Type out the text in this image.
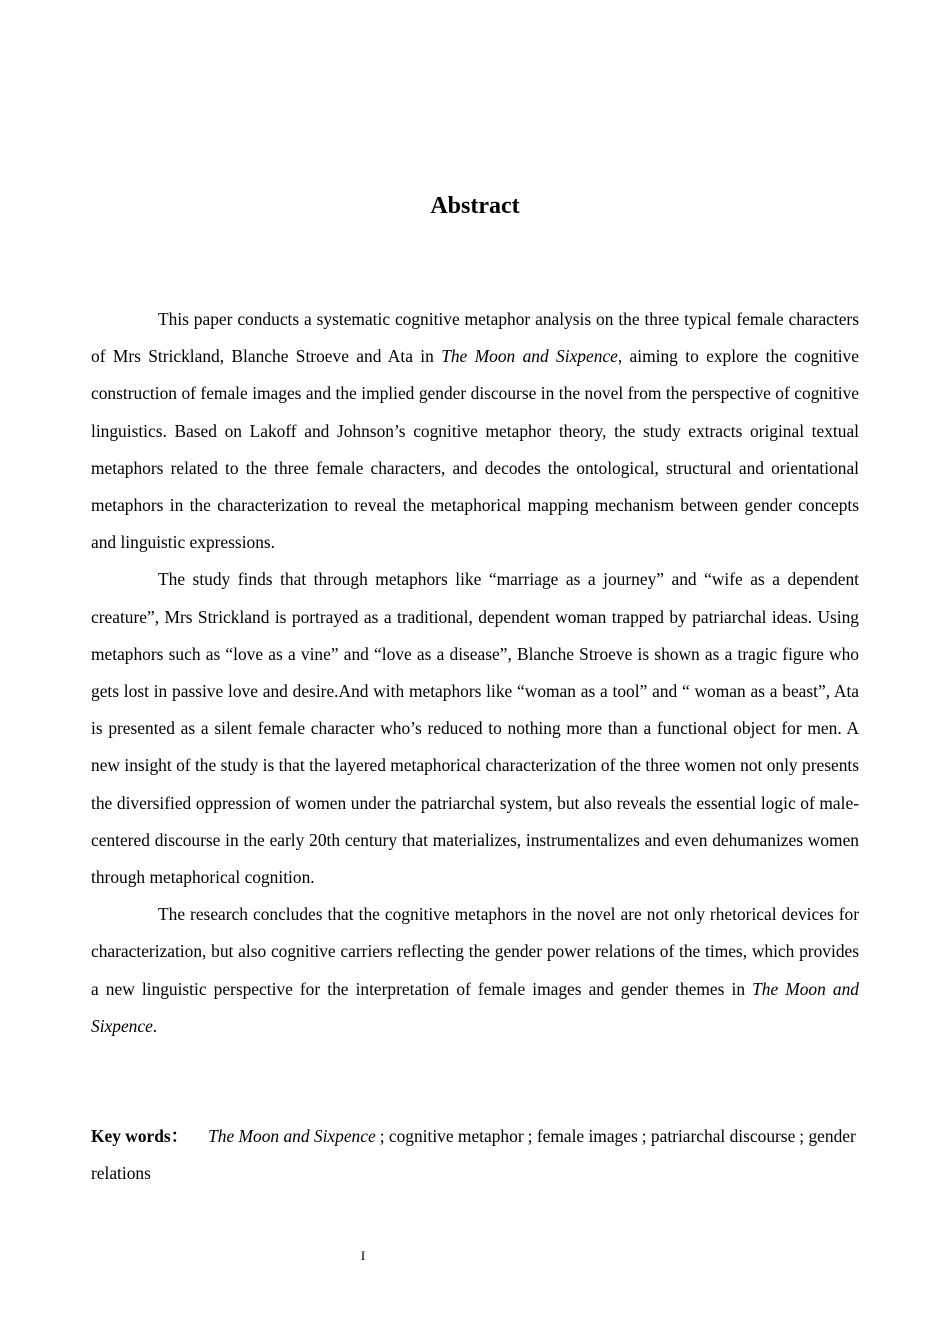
Abstract

This paper conducts a systematic cognitive metaphor analysis on the three typical female characters of Mrs Strickland, Blanche Stroeve and Ata in The Moon and Sixpence, aiming to explore the cognitive construction of female images and the implied gender discourse in the novel from the perspective of cognitive linguistics. Based on Lakoff and Johnson’s cognitive metaphor theory, the study extracts original textual metaphors related to the three female characters, and decodes the ontological, structural and orientational metaphors in the characterization to reveal the metaphorical mapping mechanism between gender concepts and linguistic expressions.

The study finds that through metaphors like “marriage as a journey” and “wife as a dependent creature”, Mrs Strickland is portrayed as a traditional, dependent woman trapped by patriarchal ideas. Using metaphors such as “love as a vine” and “love as a disease”, Blanche Stroeve is shown as a tragic figure who gets lost in passive love and desire.And with metaphors like “woman as a tool” and “ woman as a beast”, Ata is presented as a silent female character who’s reduced to nothing more than a functional object for men. A new insight of the study is that the layered metaphorical characterization of the three women not only presents the diversified oppression of women under the patriarchal system, but also reveals the essential logic of male-centered discourse in the early 20th century that materializes, instrumentalizes and even dehumanizes women through metaphorical cognition.

The research concludes that the cognitive metaphors in the novel are not only rhetorical devices for characterization, but also cognitive carriers reflecting the gender power relations of the times, which provides a new linguistic perspective for the interpretation of female images and gender themes in The Moon and Sixpence.

Key words： The Moon and Sixpence ; cognitive metaphor ; female images ; patriarchal discourse ; gender relations

I
